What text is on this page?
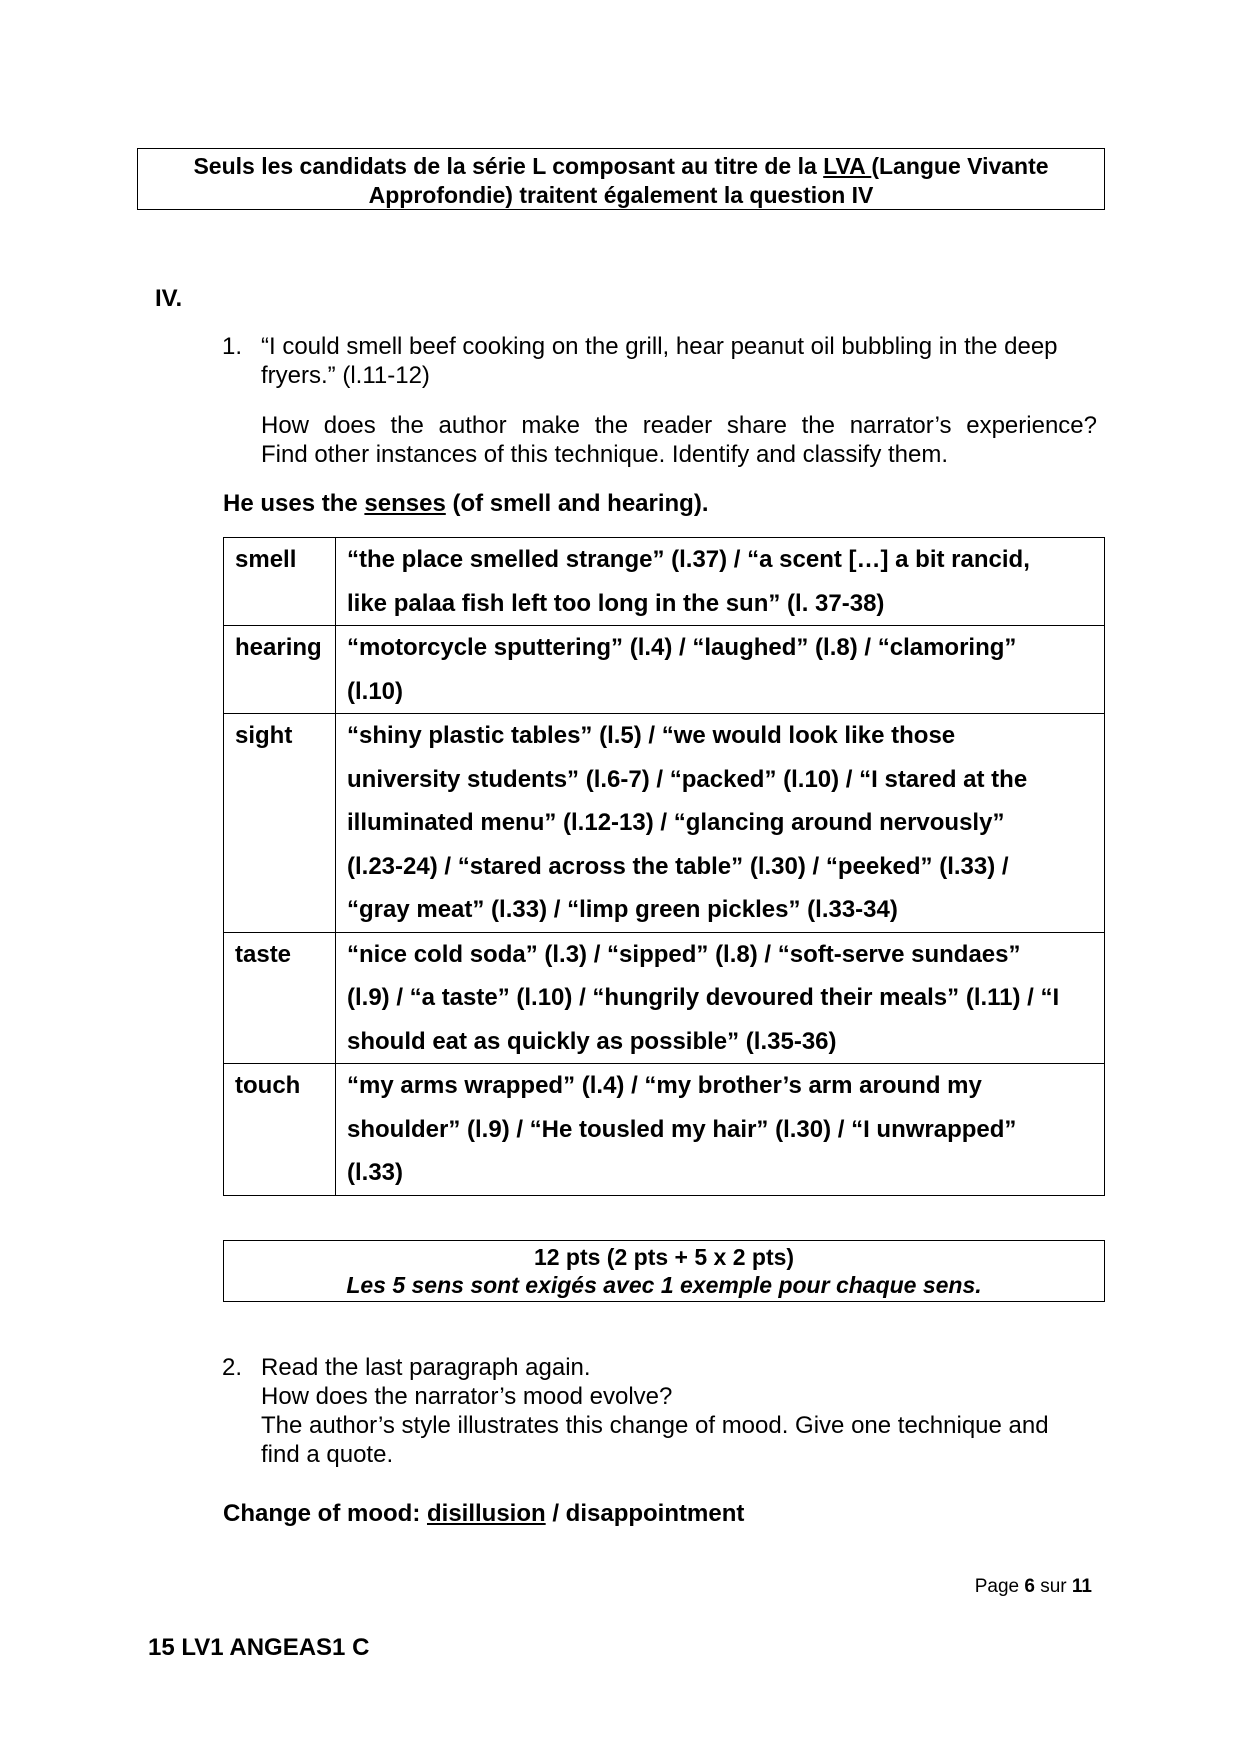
Seuls les candidats de la série L composant au titre de la LVA (Langue Vivante
Approfondie) traitent également la question IV
IV.
1. “I could smell beef cooking on the grill, hear peanut oil bubbling in the deep
fryers.” (l.11-12)
How does the author make the reader share the narrator’s experience?
Find other instances of this technique. Identify and classify them.
He uses the senses (of smell and hearing).
smell	“the place smelled strange” (l.37) / “a scent […] a bit rancid,
like palaa fish left too long in the sun” (l. 37-38)

hearing	“motorcycle sputtering” (l.4) / “laughed” (l.8) / “clamoring”
(l.10)

sight	“shiny plastic tables” (l.5) / “we would look like those
university students” (l.6-7) / “packed” (l.10) / “I stared at the
illuminated menu” (l.12-13) / “glancing around nervously”
(l.23-24) / “stared across the table” (l.30) / “peeked” (l.33) /
“gray meat” (l.33) / “limp green pickles” (l.33-34)

taste	“nice cold soda” (l.3) / “sipped” (l.8) / “soft-serve sundaes”
(l.9) / “a taste” (l.10) / “hungrily devoured their meals” (l.11) / “I
should eat as quickly as possible” (l.35-36)

touch	“my arms wrapped” (l.4) / “my brother’s arm around my
shoulder” (l.9) / “He tousled my hair” (l.30) / “I unwrapped”
(l.33)
12 pts (2 pts + 5 x 2 pts)
Les 5 sens sont exigés avec 1 exemple pour chaque sens.
2. Read the last paragraph again.
How does the narrator’s mood evolve?
The author’s style illustrates this change of mood. Give one technique and
find a quote.
Change of mood: disillusion / disappointment
Page 6 sur 11
15 LV1 ANGEAS1 C
